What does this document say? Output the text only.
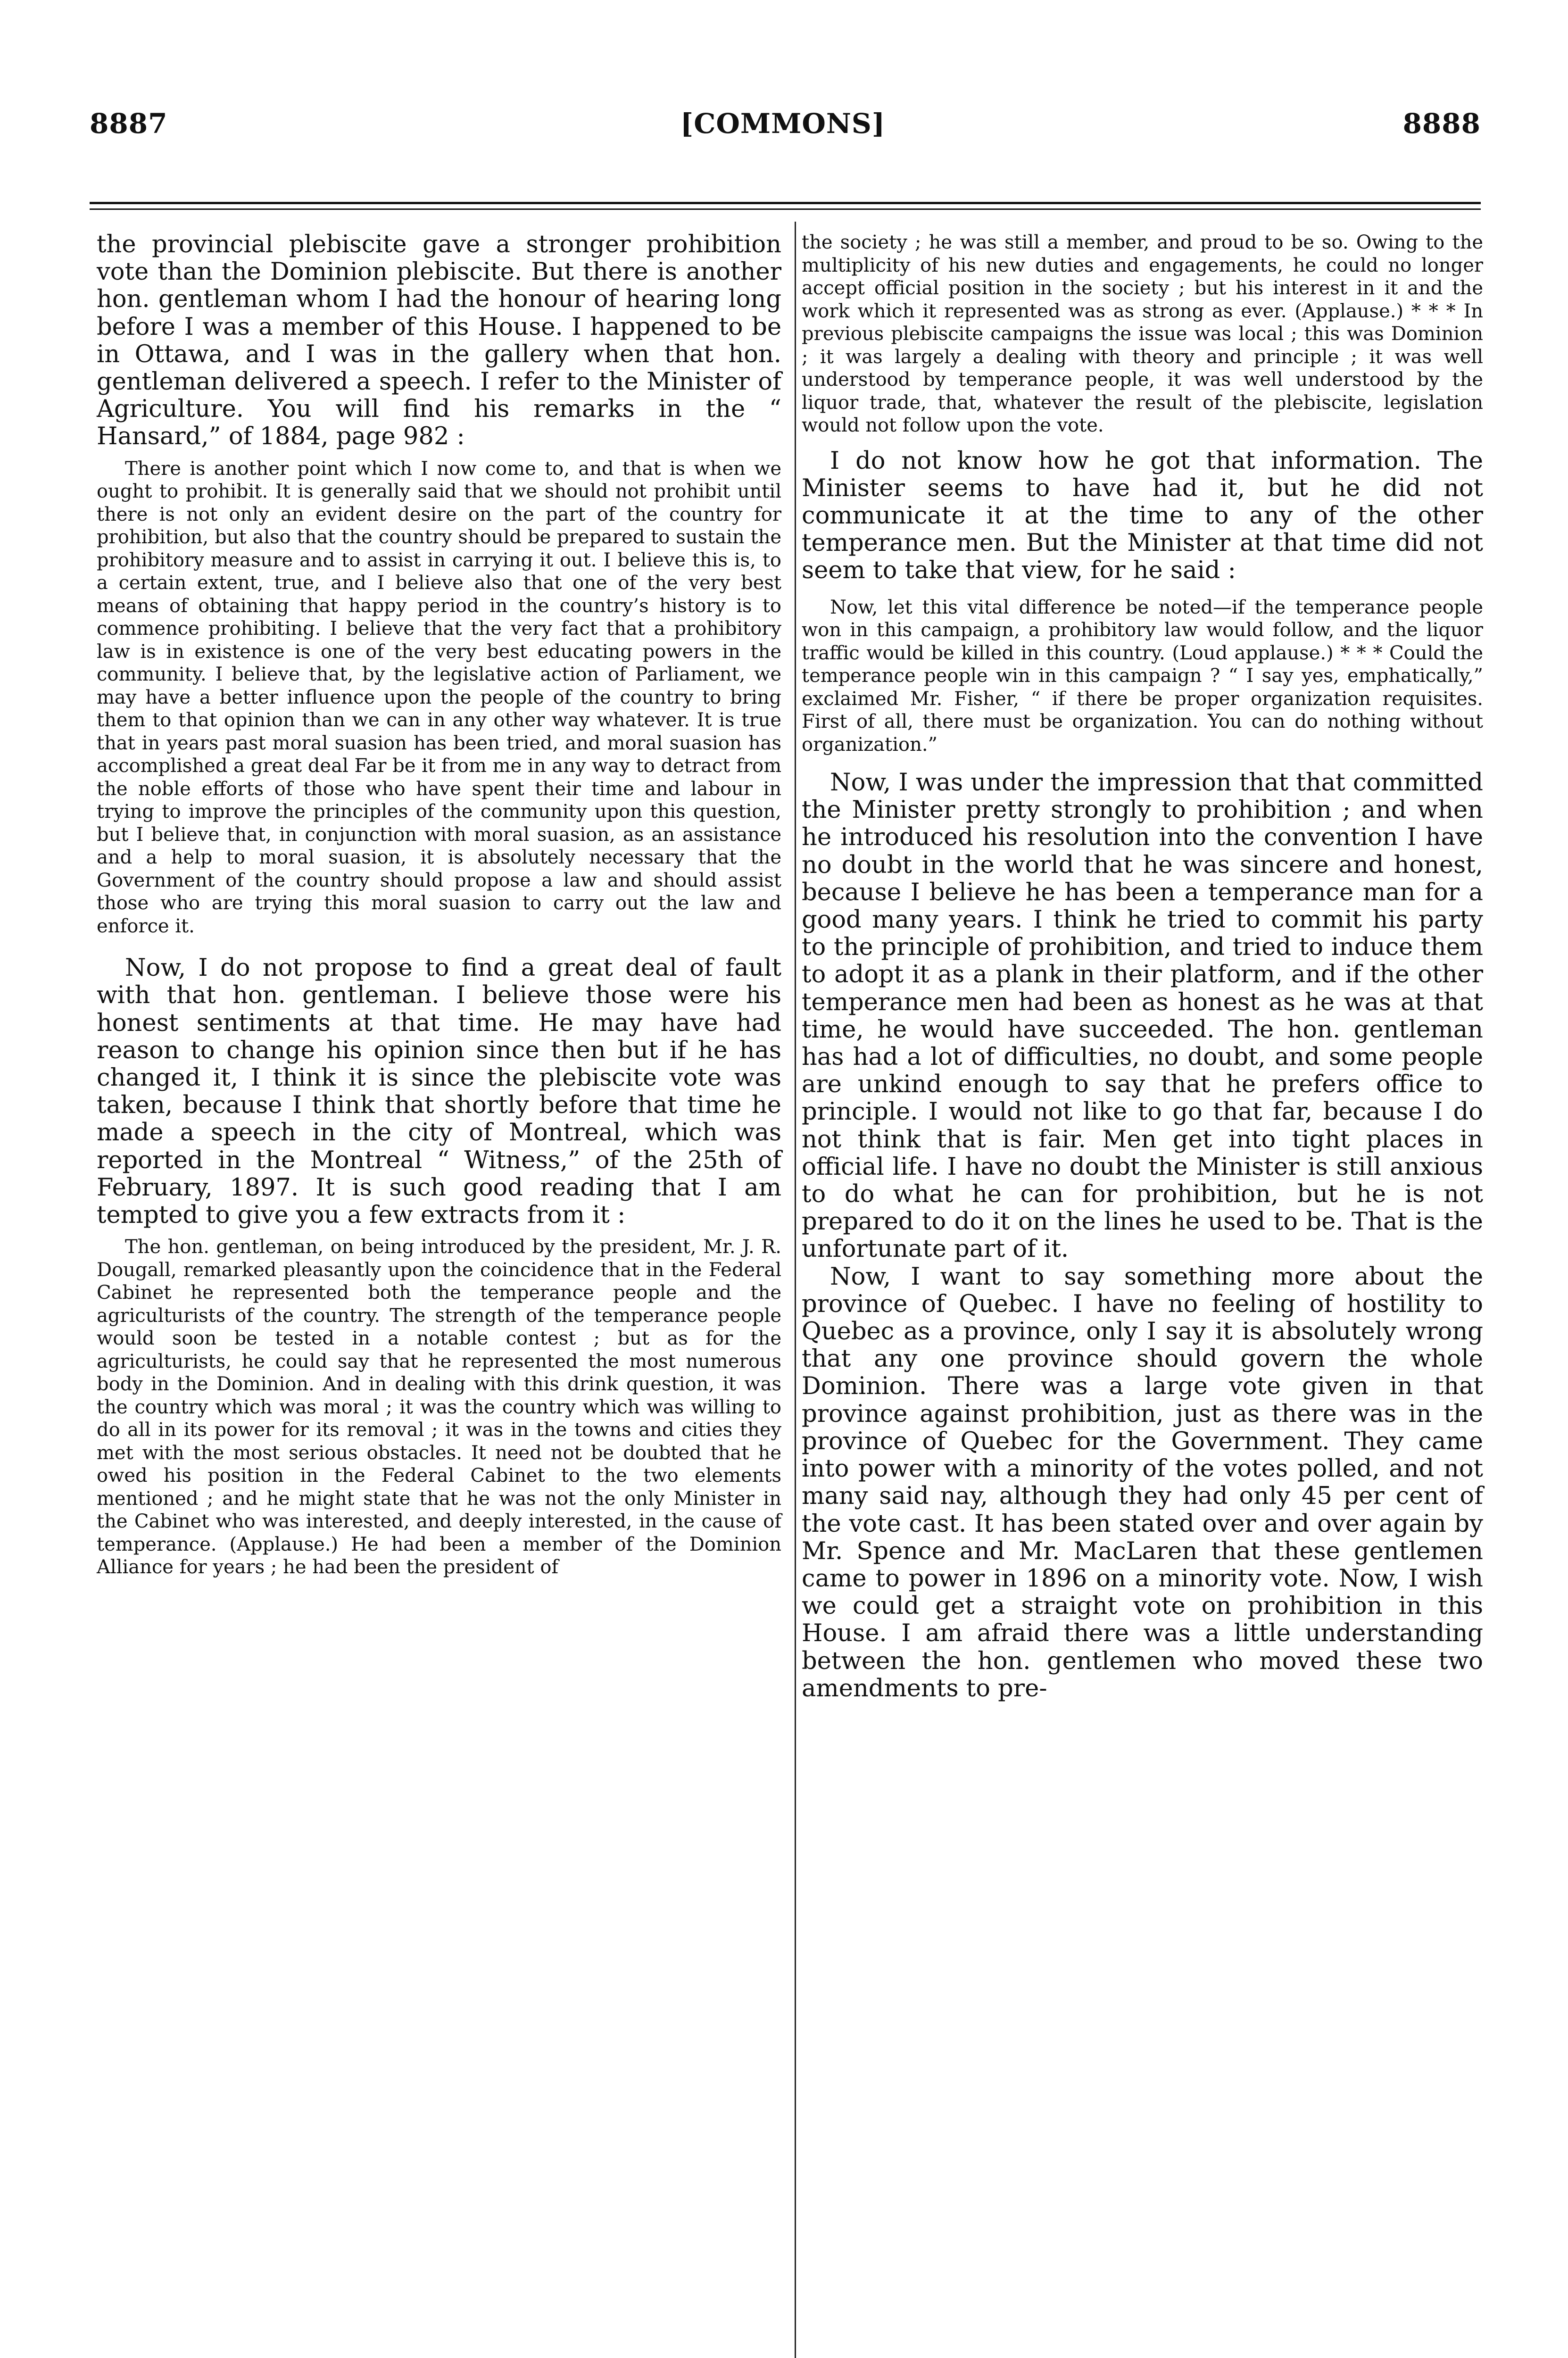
8887	[COMMONS]	8888

the provincial plebiscite gave a stronger prohibition vote than the Dominion plebiscite. But there is another hon. gentleman whom I had the honour of hearing long before I was a member of this House. I happened to be in Ottawa, and I was in the gallery when that hon. gentleman delivered a speech. I refer to the Minister of Agriculture. You will find his remarks in the “ Hansard,” of 1884, page 982 :

There is another point which I now come to, and that is when we ought to prohibit. It is generally said that we should not prohibit until there is not only an evident desire on the part of the country for prohibition, but also that the country should be prepared to sustain the prohibitory measure and to assist in carrying it out. I believe this is, to a certain extent, true, and I believe also that one of the very best means of obtaining that happy period in the country’s history is to commence prohibiting. I believe that the very fact that a prohibitory law is in existence is one of the very best educating powers in the community. I believe that, by the legislative action of Parliament, we may have a better influence upon the people of the country to bring them to that opinion than we can in any other way whatever. It is true that in years past moral suasion has been tried, and moral suasion has accomplished a great deal Far be it from me in any way to detract from the noble efforts of those who have spent their time and labour in trying to improve the principles of the community upon this question, but I believe that, in conjunction with moral suasion, as an assistance and a help to moral suasion, it is absolutely necessary that the Government of the country should propose a law and should assist those who are trying this moral suasion to carry out the law and enforce it.

Now, I do not propose to find a great deal of fault with that hon. gentleman. I believe those were his honest sentiments at that time. He may have had reason to change his opinion since then but if he has changed it, I think it is since the plebiscite vote was taken, because I think that shortly before that time he made a speech in the city of Montreal, which was reported in the Montreal “ Witness,” of the 25th of February, 1897. It is such good reading that I am tempted to give you a few extracts from it :

The hon. gentleman, on being introduced by the president, Mr. J. R. Dougall, remarked pleasantly upon the coincidence that in the Federal Cabinet he represented both the temperance people and the agriculturists of the country. The strength of the temperance people would soon be tested in a notable contest ; but as for the agriculturists, he could say that he represented the most numerous body in the Dominion. And in dealing with this drink question, it was the country which was moral ; it was the country which was willing to do all in its power for its removal ; it was in the towns and cities they met with the most serious obstacles. It need not be doubted that he owed his position in the Federal Cabinet to the two elements mentioned ; and he might state that he was not the only Minister in the Cabinet who was interested, and deeply interested, in the cause of temperance. (Applause.) He had been a member of the Dominion Alliance for years ; he had been the president of

the society ; he was still a member, and proud to be so. Owing to the multiplicity of his new duties and engagements, he could no longer accept official position in the society ; but his interest in it and the work which it represented was as strong as ever. (Applause.) * * * In previous plebiscite campaigns the issue was local ; this was Dominion ; it was largely a dealing with theory and principle ; it was well understood by temperance people, it was well understood by the liquor trade, that, whatever the result of the plebiscite, legislation would not follow upon the vote.

I do not know how he got that information. The Minister seems to have had it, but he did not communicate it at the time to any of the other temperance men. But the Minister at that time did not seem to take that view, for he said :

Now, let this vital difference be noted—if the temperance people won in this campaign, a prohibitory law would follow, and the liquor traffic would be killed in this country. (Loud applause.) * * * Could the temperance people win in this campaign ? “ I say yes, emphatically,” exclaimed Mr. Fisher, “ if there be proper organization requisites. First of all, there must be organization. You can do nothing without organization.”

Now, I was under the impression that that committed the Minister pretty strongly to prohibition ; and when he introduced his resolution into the convention I have no doubt in the world that he was sincere and honest, because I believe he has been a temperance man for a good many years. I think he tried to commit his party to the principle of prohibition, and tried to induce them to adopt it as a plank in their platform, and if the other temperance men had been as honest as he was at that time, he would have succeeded. The hon. gentleman has had a lot of difficulties, no doubt, and some people are unkind enough to say that he prefers office to principle. I would not like to go that far, because I do not think that is fair. Men get into tight places in official life. I have no doubt the Minister is still anxious to do what he can for prohibition, but he is not prepared to do it on the lines he used to be. That is the unfortunate part of it.

Now, I want to say something more about the province of Quebec. I have no feeling of hostility to Quebec as a province, only I say it is absolutely wrong that any one province should govern the whole Dominion. There was a large vote given in that province against prohibition, just as there was in the province of Quebec for the Government. They came into power with a minority of the votes polled, and not many said nay, although they had only 45 per cent of the vote cast. It has been stated over and over again by Mr. Spence and Mr. MacLaren that these gentlemen came to power in 1896 on a minority vote. Now, I wish we could get a straight vote on prohibition in this House. I am afraid there was a little understanding between the hon. gentlemen who moved these two amendments to pre-
